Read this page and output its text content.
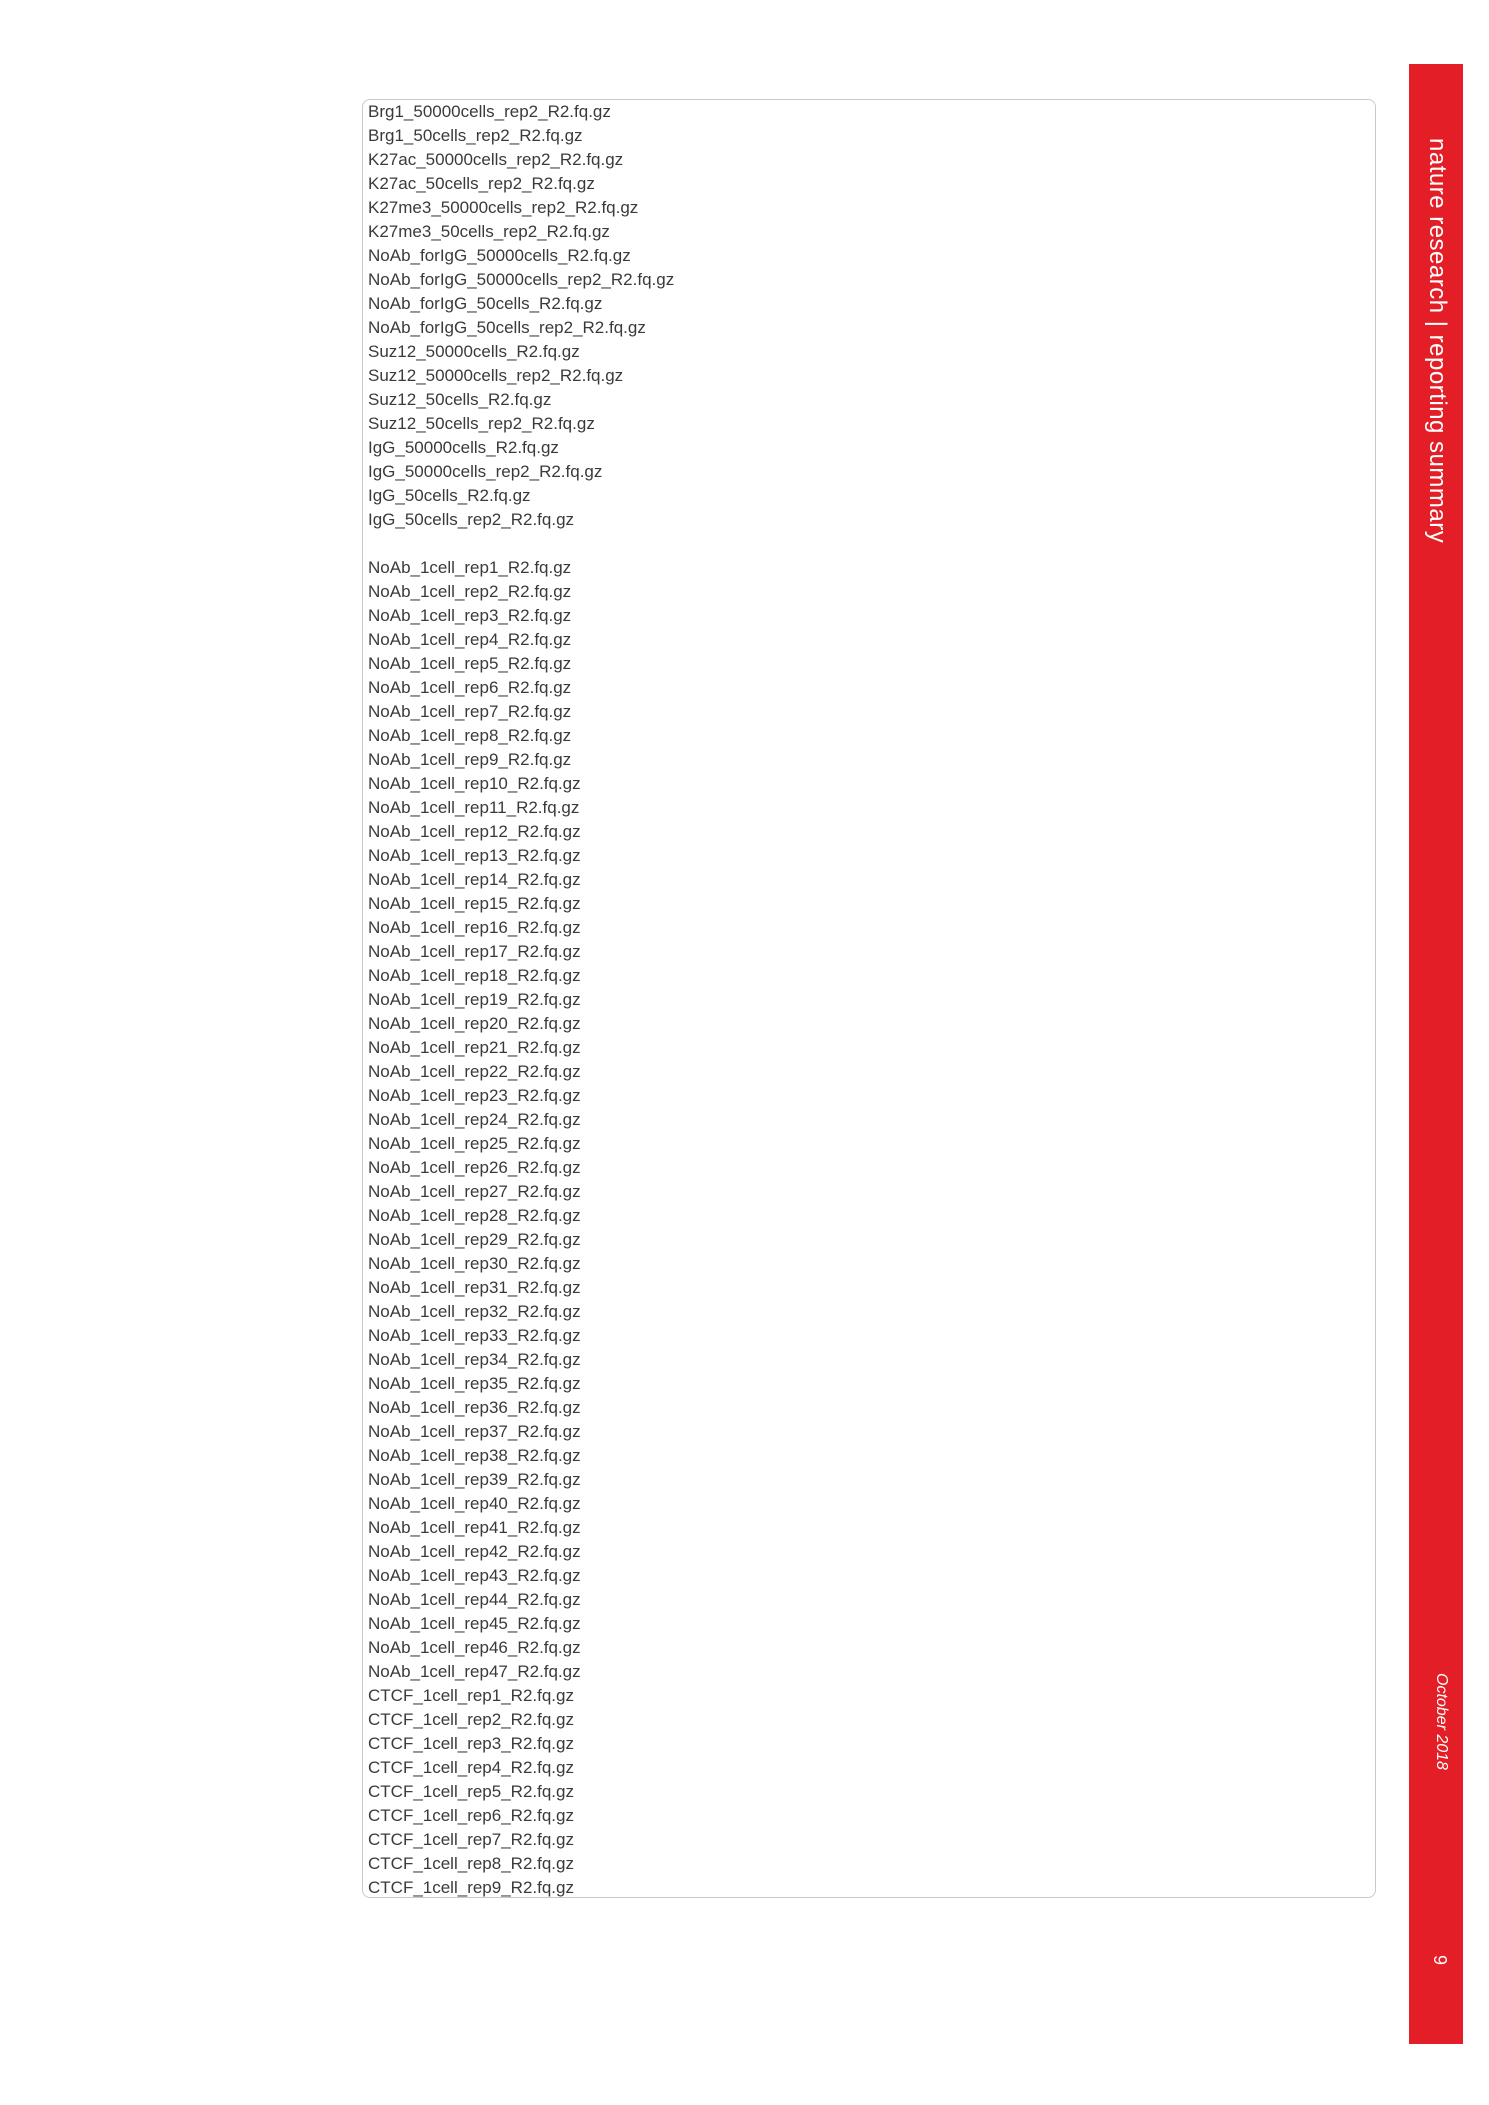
Brg1_50000cells_rep2_R2.fq.gz
Brg1_50cells_rep2_R2.fq.gz
K27ac_50000cells_rep2_R2.fq.gz
K27ac_50cells_rep2_R2.fq.gz
K27me3_50000cells_rep2_R2.fq.gz
K27me3_50cells_rep2_R2.fq.gz
NoAb_forIgG_50000cells_R2.fq.gz
NoAb_forIgG_50000cells_rep2_R2.fq.gz
NoAb_forIgG_50cells_R2.fq.gz
NoAb_forIgG_50cells_rep2_R2.fq.gz
Suz12_50000cells_R2.fq.gz
Suz12_50000cells_rep2_R2.fq.gz
Suz12_50cells_R2.fq.gz
Suz12_50cells_rep2_R2.fq.gz
IgG_50000cells_R2.fq.gz
IgG_50000cells_rep2_R2.fq.gz
IgG_50cells_R2.fq.gz
IgG_50cells_rep2_R2.fq.gz
NoAb_1cell_rep1_R2.fq.gz
NoAb_1cell_rep2_R2.fq.gz
NoAb_1cell_rep3_R2.fq.gz
NoAb_1cell_rep4_R2.fq.gz
NoAb_1cell_rep5_R2.fq.gz
NoAb_1cell_rep6_R2.fq.gz
NoAb_1cell_rep7_R2.fq.gz
NoAb_1cell_rep8_R2.fq.gz
NoAb_1cell_rep9_R2.fq.gz
NoAb_1cell_rep10_R2.fq.gz
NoAb_1cell_rep11_R2.fq.gz
NoAb_1cell_rep12_R2.fq.gz
NoAb_1cell_rep13_R2.fq.gz
NoAb_1cell_rep14_R2.fq.gz
NoAb_1cell_rep15_R2.fq.gz
NoAb_1cell_rep16_R2.fq.gz
NoAb_1cell_rep17_R2.fq.gz
NoAb_1cell_rep18_R2.fq.gz
NoAb_1cell_rep19_R2.fq.gz
NoAb_1cell_rep20_R2.fq.gz
NoAb_1cell_rep21_R2.fq.gz
NoAb_1cell_rep22_R2.fq.gz
NoAb_1cell_rep23_R2.fq.gz
NoAb_1cell_rep24_R2.fq.gz
NoAb_1cell_rep25_R2.fq.gz
NoAb_1cell_rep26_R2.fq.gz
NoAb_1cell_rep27_R2.fq.gz
NoAb_1cell_rep28_R2.fq.gz
NoAb_1cell_rep29_R2.fq.gz
NoAb_1cell_rep30_R2.fq.gz
NoAb_1cell_rep31_R2.fq.gz
NoAb_1cell_rep32_R2.fq.gz
NoAb_1cell_rep33_R2.fq.gz
NoAb_1cell_rep34_R2.fq.gz
NoAb_1cell_rep35_R2.fq.gz
NoAb_1cell_rep36_R2.fq.gz
NoAb_1cell_rep37_R2.fq.gz
NoAb_1cell_rep38_R2.fq.gz
NoAb_1cell_rep39_R2.fq.gz
NoAb_1cell_rep40_R2.fq.gz
NoAb_1cell_rep41_R2.fq.gz
NoAb_1cell_rep42_R2.fq.gz
NoAb_1cell_rep43_R2.fq.gz
NoAb_1cell_rep44_R2.fq.gz
NoAb_1cell_rep45_R2.fq.gz
NoAb_1cell_rep46_R2.fq.gz
NoAb_1cell_rep47_R2.fq.gz
CTCF_1cell_rep1_R2.fq.gz
CTCF_1cell_rep2_R2.fq.gz
CTCF_1cell_rep3_R2.fq.gz
CTCF_1cell_rep4_R2.fq.gz
CTCF_1cell_rep5_R2.fq.gz
CTCF_1cell_rep6_R2.fq.gz
CTCF_1cell_rep7_R2.fq.gz
CTCF_1cell_rep8_R2.fq.gz
CTCF_1cell_rep9_R2.fq.gz
nature research | reporting summary
October 2018
9
